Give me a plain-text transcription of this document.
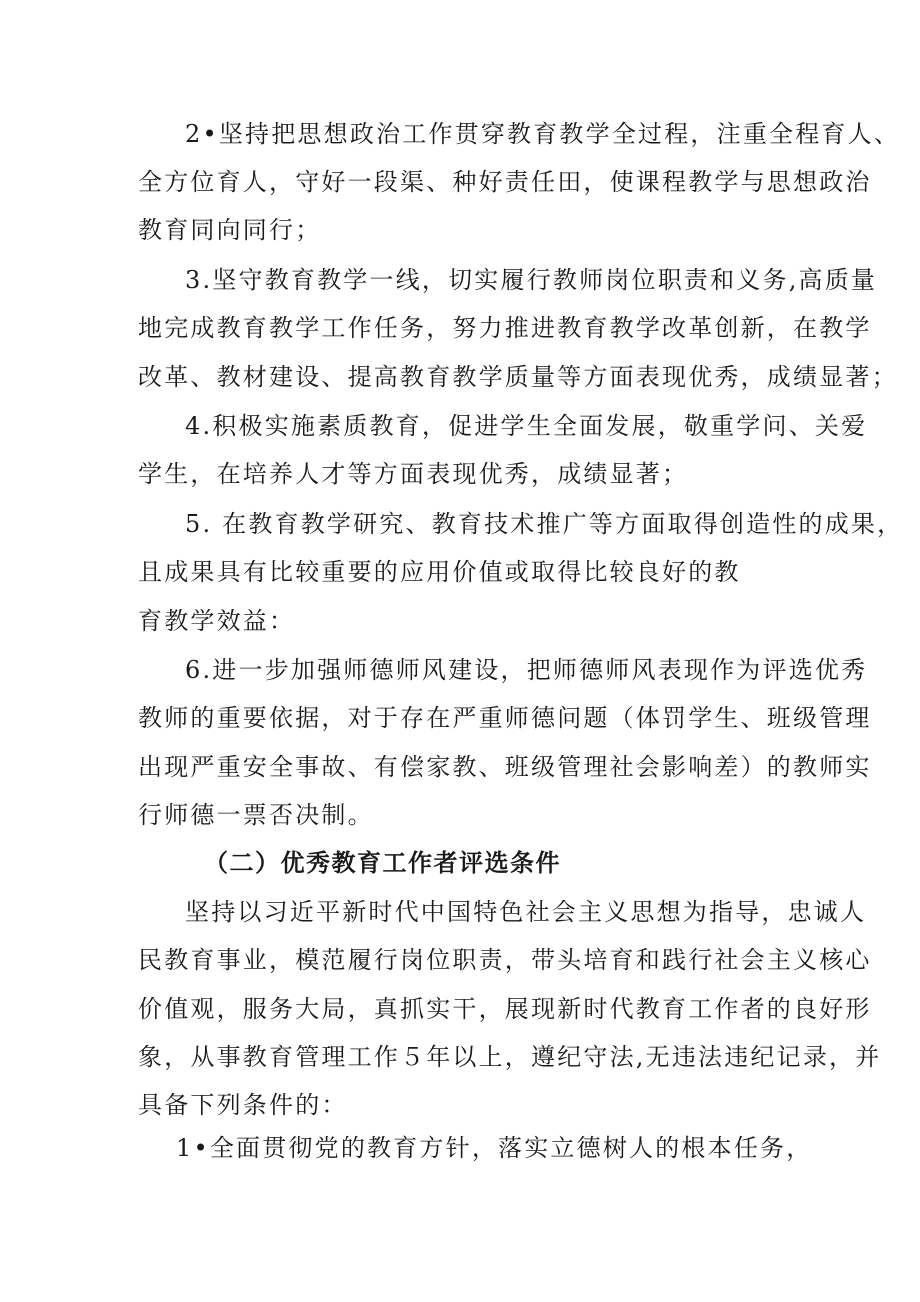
2•坚持把思想政治工作贯穿教育教学全过程，注重全程育人、
全方位育人，守好一段渠、种好责任田，使课程教学与思想政治
教育同向同行；
3.坚守教育教学一线，切实履行教师岗位职责和义务,高质量
地完成教育教学工作任务，努力推进教育教学改革创新，在教学
改革、教材建设、提高教育教学质量等方面表现优秀，成绩显著；
4.积极实施素质教育，促进学生全面发展，敬重学问、关爱
学生，在培养人才等方面表现优秀，成绩显著；
5. 在教育教学研究、教育技术推广等方面取得创造性的成果，
且成果具有比较重要的应用价值或取得比较良好的教
育教学效益：
6.进一步加强师德师风建设，把师德师风表现作为评选优秀
教师的重要依据，对于存在严重师德问题（体罚学生、班级管理
出现严重安全事故、有偿家教、班级管理社会影响差）的教师实
行师德一票否决制。
（二）优秀教育工作者评选条件
坚持以习近平新时代中国特色社会主义思想为指导，忠诚人
民教育事业，模范履行岗位职责，带头培育和践行社会主义核心
价值观，服务大局，真抓实干，展现新时代教育工作者的良好形
象，从事教育管理工作５年以上，遵纪守法,无违法违纪记录，并
具备下列条件的：
1•全面贯彻党的教育方针，落实立德树人的根本任务，
